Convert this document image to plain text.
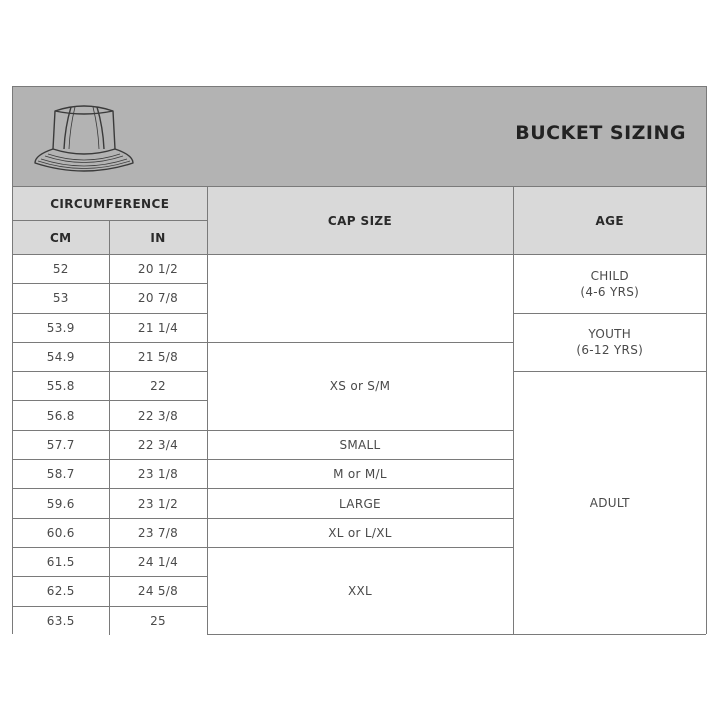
BUCKET SIZING
CIRCUMFERENCE		CAP SIZE	AGE
CM	IN		
52	20 1/2		CHILD
(4-6 YRS)

53	20 7/8		
53.9	21 1/4		YOUTH
(6-12 YRS)

54.9	21 5/8	XS or S/M	
55.8	22		ADULT
56.8	22 3/8		
57.7	22 3/4	SMALL	
58.7	23 1/8	M or M/L	
59.6	23 1/2	LARGE	
60.6	23 7/8	XL or L/XL	
61.5	24 1/4	XXL	
62.5	24 5/8		
63.5	25		
